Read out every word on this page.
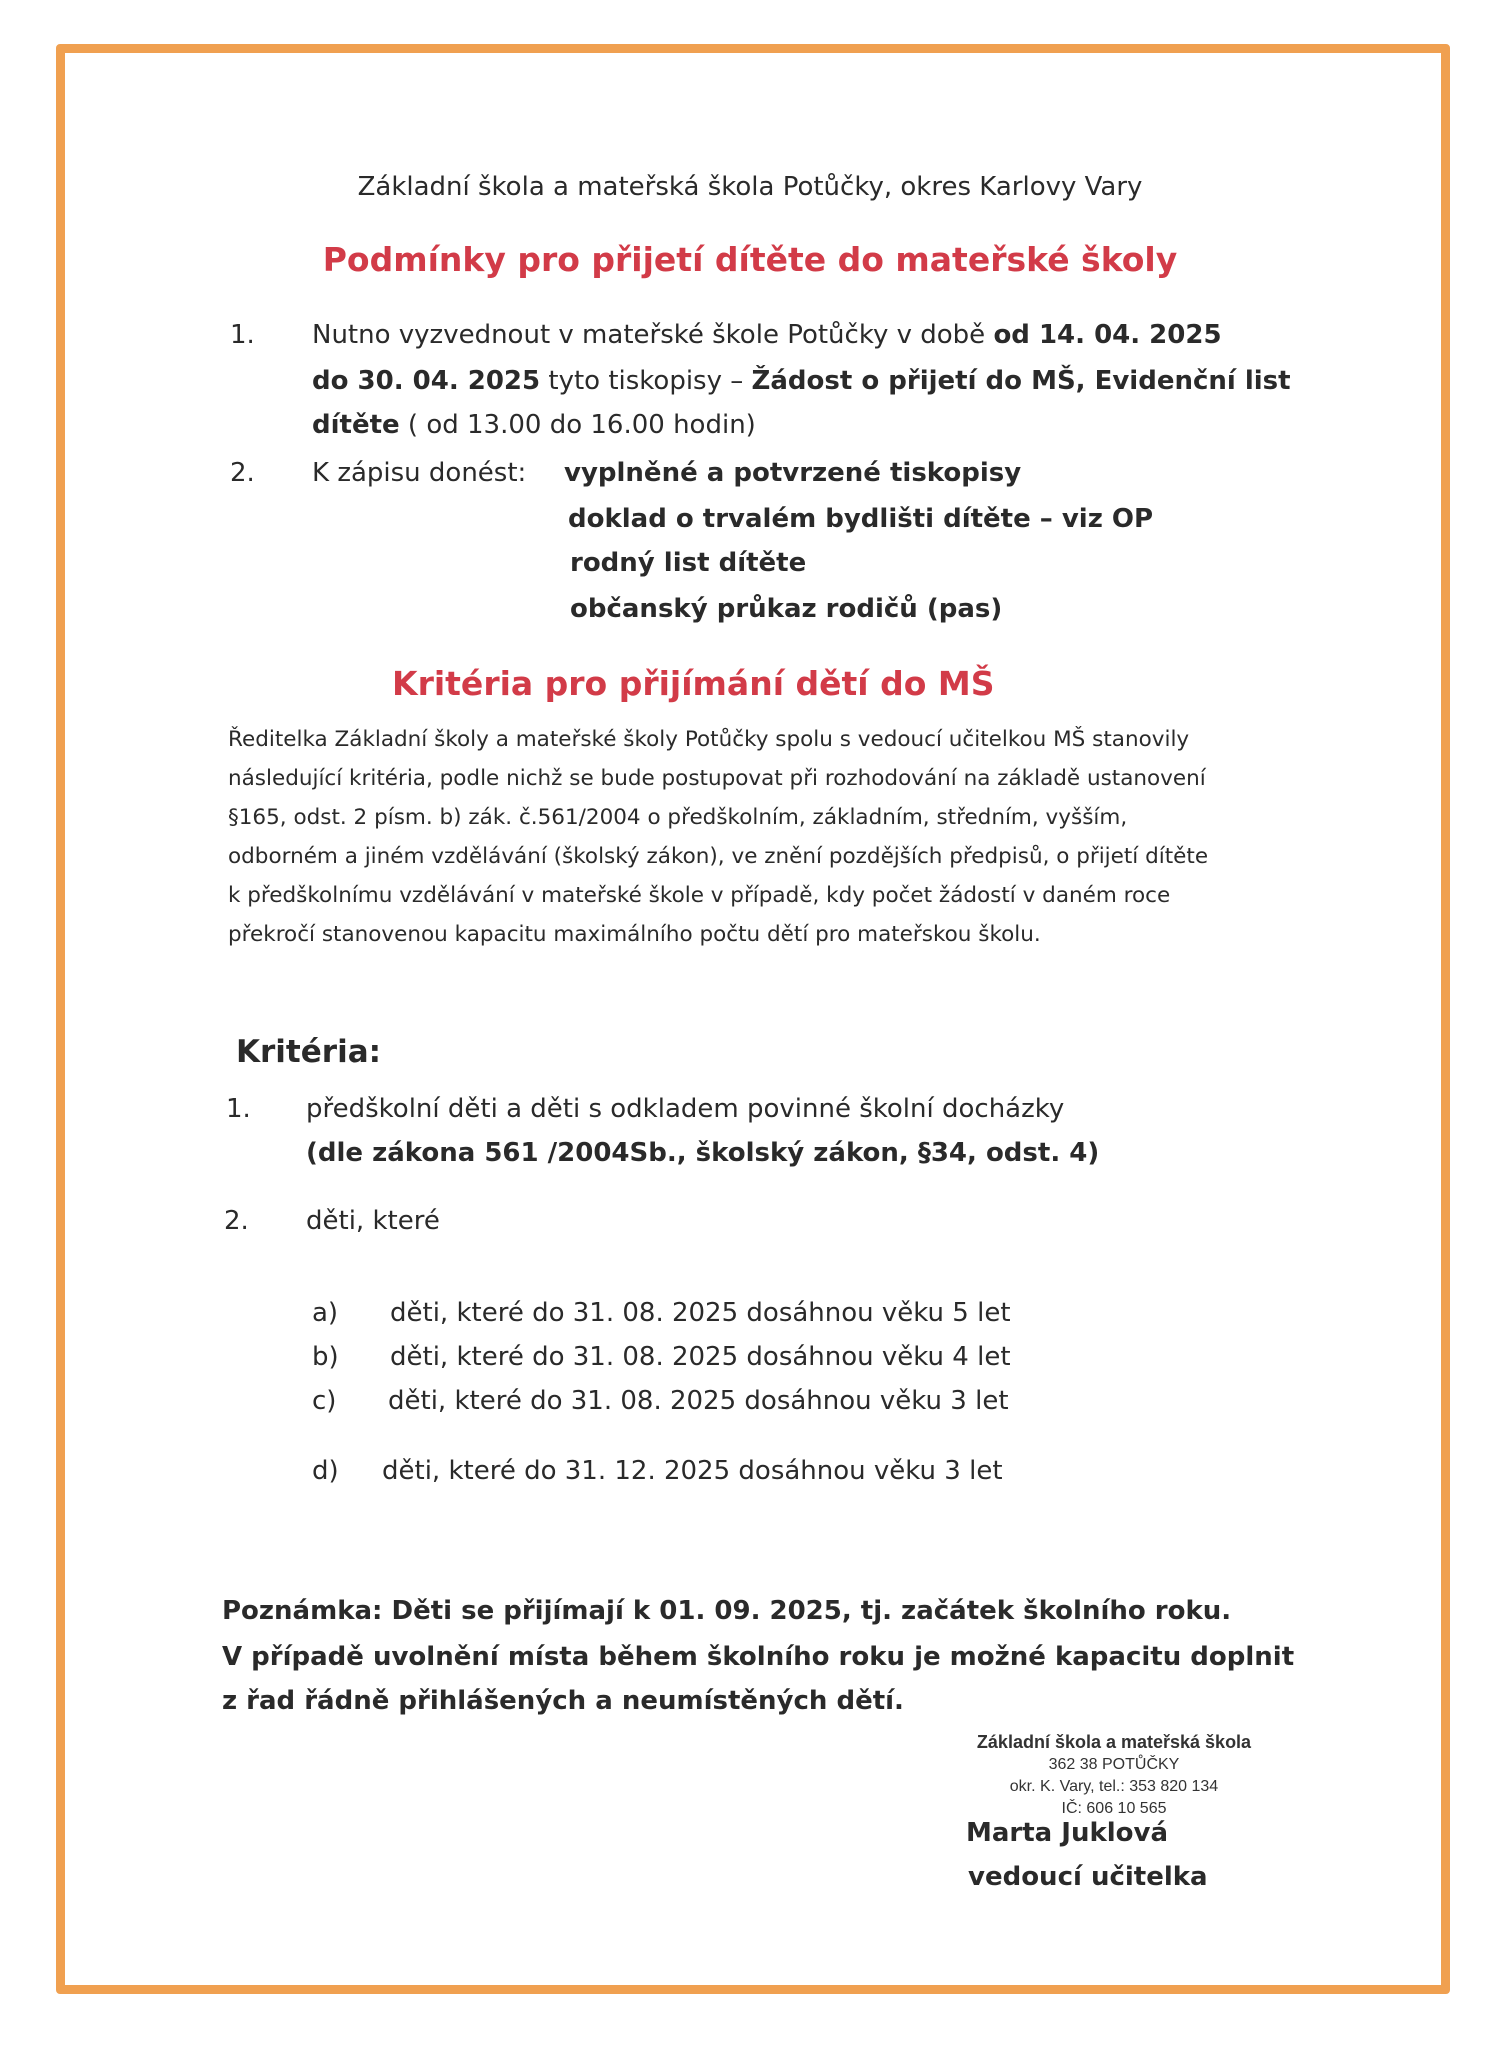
Základní škola a mateřská škola Potůčky, okres Karlovy Vary
Podmínky pro přijetí dítěte do mateřské školy
1. Nutno vyzvednout v mateřské škole Potůčky v době od 14. 04. 2025
do 30. 04. 2025 tyto tiskopisy – Žádost o přijetí do MŠ, Evidenční list
dítěte ( od 13.00 do 16.00 hodin)
2. K zápisu donést: vyplněné a potvrzené tiskopisy
doklad o trvalém bydlišti dítěte – viz OP
rodný list dítěte
občanský průkaz rodičů (pas)
Kritéria pro přijímání dětí do MŠ
Ředitelka Základní školy a mateřské školy Potůčky spolu s vedoucí učitelkou MŠ stanovily
následující kritéria, podle nichž se bude postupovat při rozhodování na základě ustanovení
§165, odst. 2 písm. b) zák. č.561/2004 o předškolním, základním, středním, vyšším,
odborném a jiném vzdělávání (školský zákon), ve znění pozdějších předpisů, o přijetí dítěte
k předškolnímu vzdělávání v mateřské škole v případě, kdy počet žádostí v daném roce
překročí stanovenou kapacitu maximálního počtu dětí pro mateřskou školu.
Kritéria:
1. předškolní děti a děti s odkladem povinné školní docházky
(dle zákona 561 /2004Sb., školský zákon, §34, odst. 4)
2. děti, které
a) děti, které do 31. 08. 2025 dosáhnou věku 5 let
b) děti, které do 31. 08. 2025 dosáhnou věku 4 let
c) děti, které do 31. 08. 2025 dosáhnou věku 3 let
d) děti, které do 31. 12. 2025 dosáhnou věku 3 let
Poznámka: Děti se přijímají k 01. 09. 2025, tj. začátek školního roku.
V případě uvolnění místa během školního roku je možné kapacitu doplnit
z řad řádně přihlášených a neumístěných dětí.
Základní škola a mateřská škola
362 38 POTŮČKY
okr. K. Vary, tel.: 353 820 134
IČ: 606 10 565
Marta Juklová
vedoucí učitelka
